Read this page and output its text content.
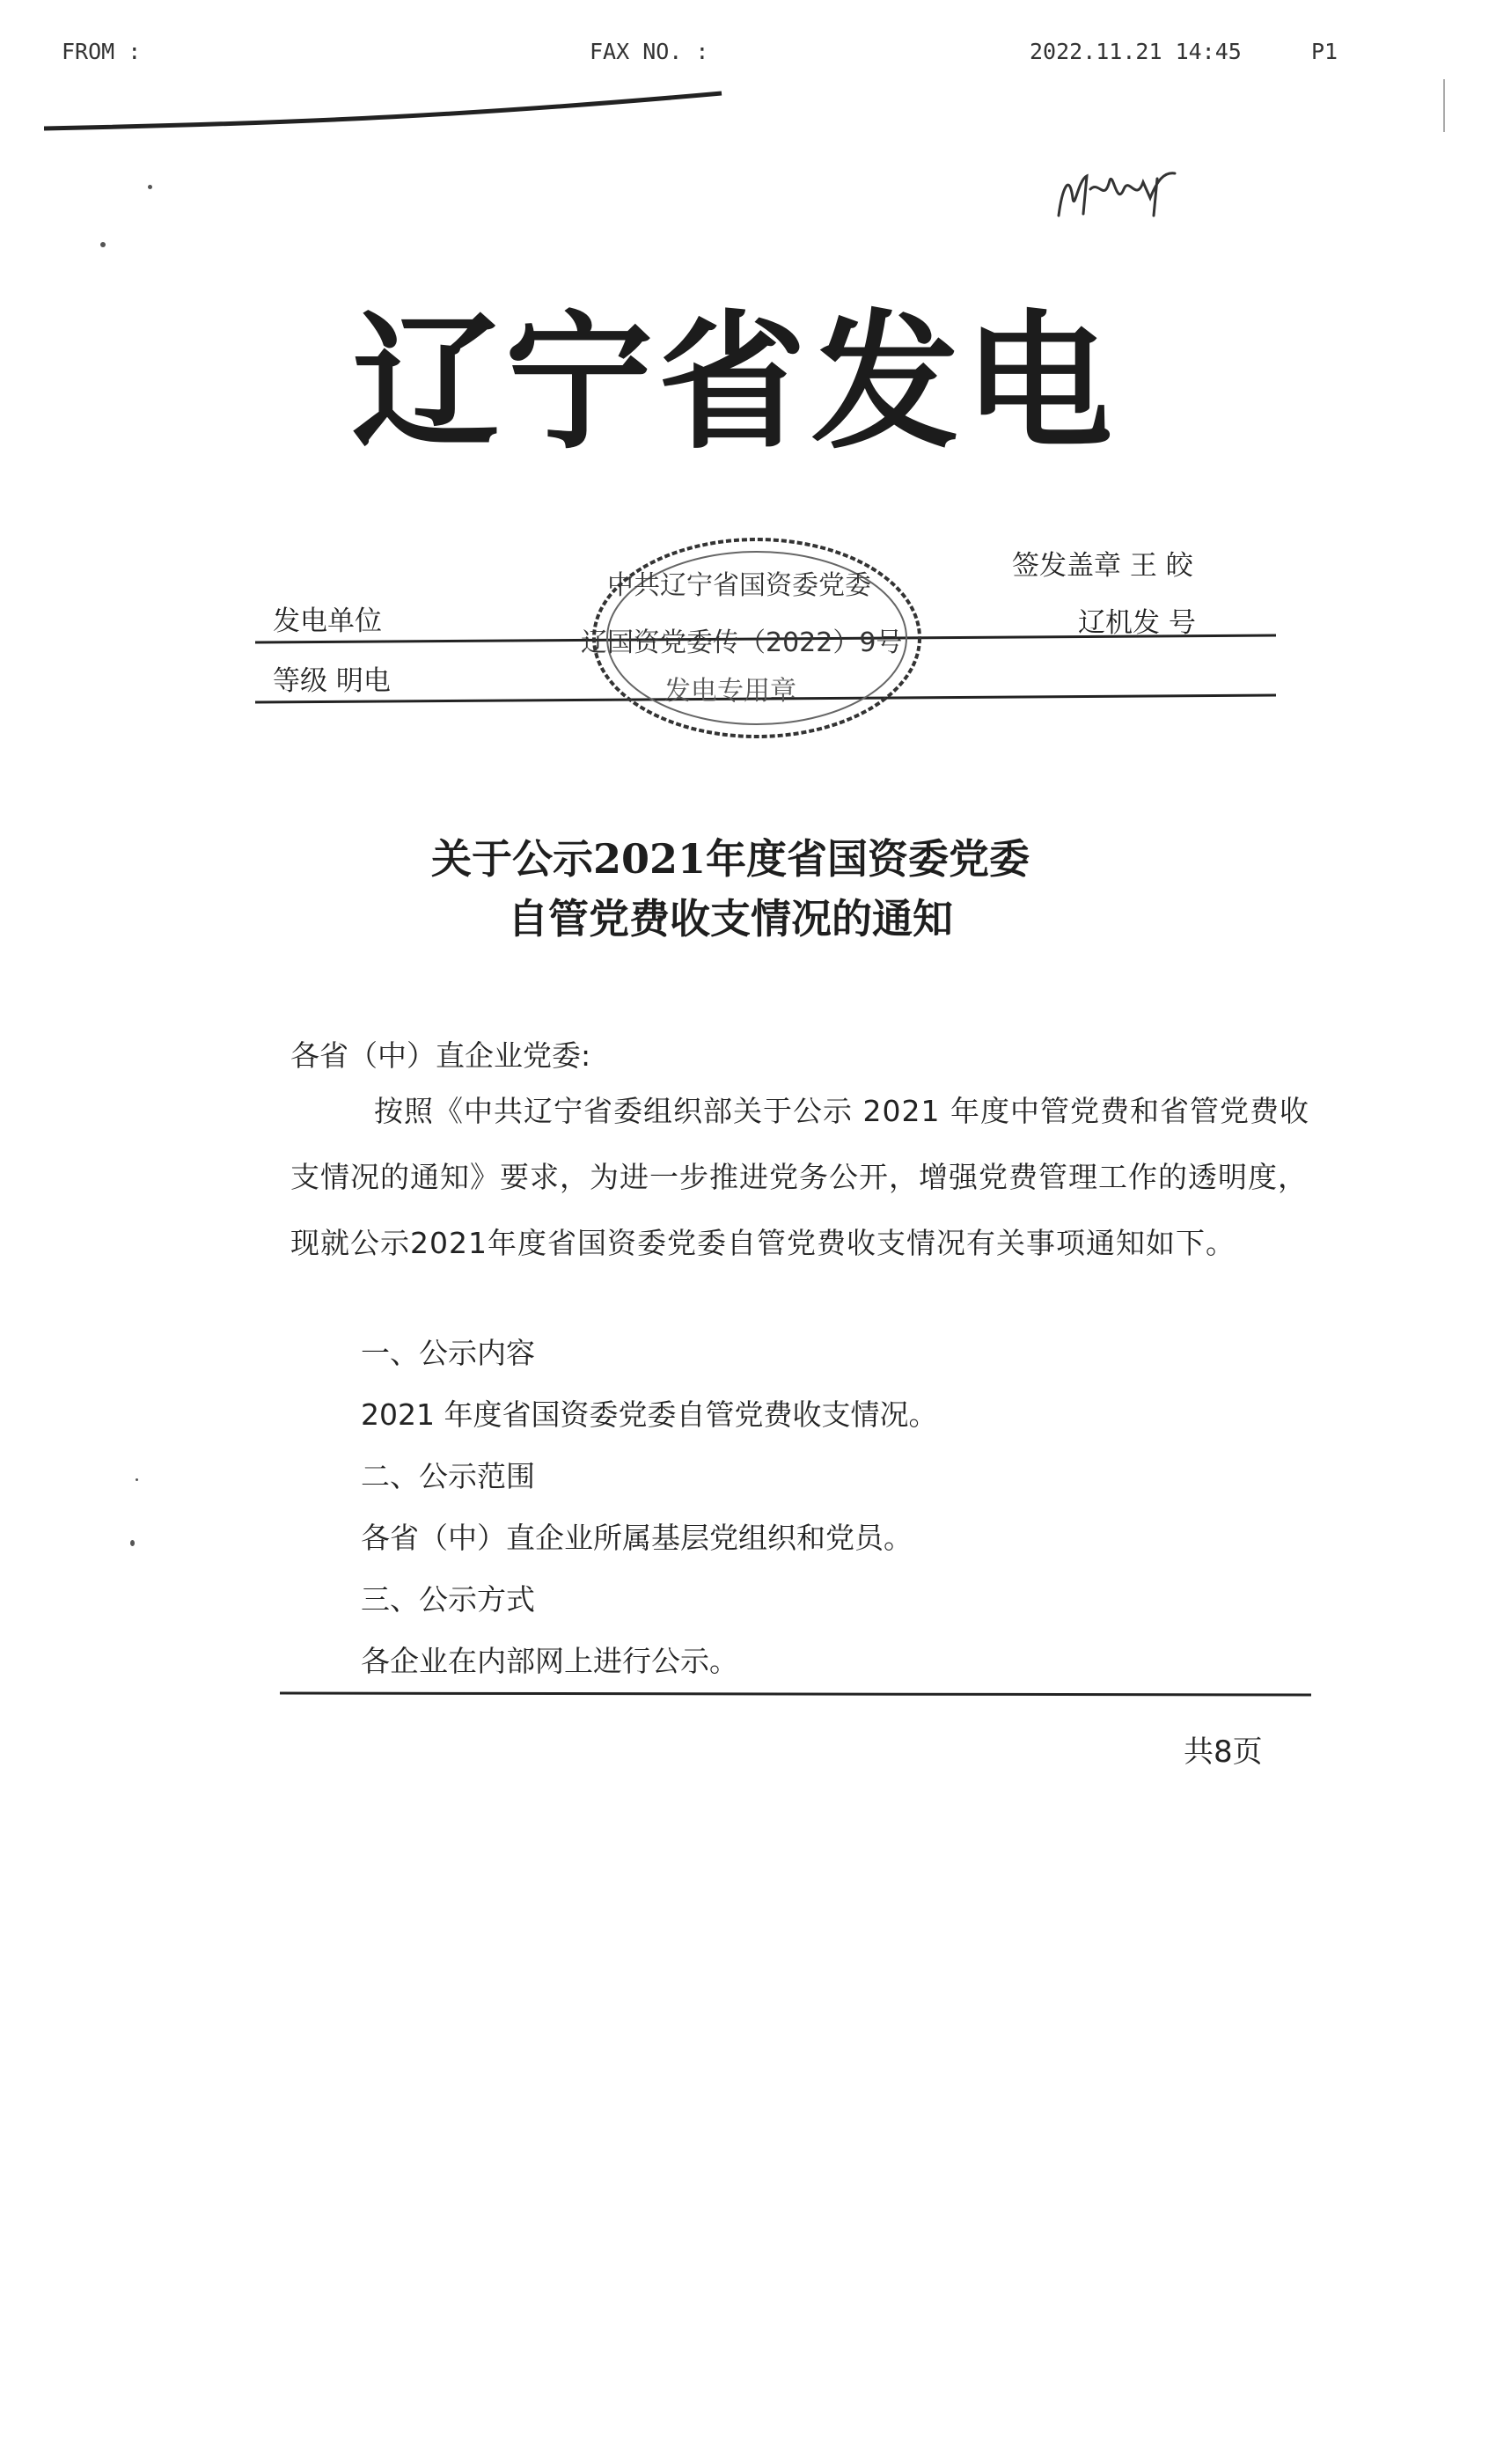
FROM :	FAX NO. :	2022.11.21 14:45	P1
辽宁省发电
发电单位
等级 明电
签发盖章 王 皎
辽机发 号
中共辽宁省国资委党委
辽国资党委传（2022）9号
发电专用章
关于公示2021年度省国资委党委
自管党费收支情况的通知
各省（中）直企业党委:
按照《中共辽宁省委组织部关于公示 2021 年度中管党费和省管党费收支情况的通知》要求，为进一步推进党务公开，增强党费管理工作的透明度，现就公示2021年度省国资委党委自管党费收支情况有关事项通知如下。
一、公示内容
2021 年度省国资委党委自管党费收支情况。
二、公示范围
各省（中）直企业所属基层党组织和党员。
三、公示方式
各企业在内部网上进行公示。
共8页
